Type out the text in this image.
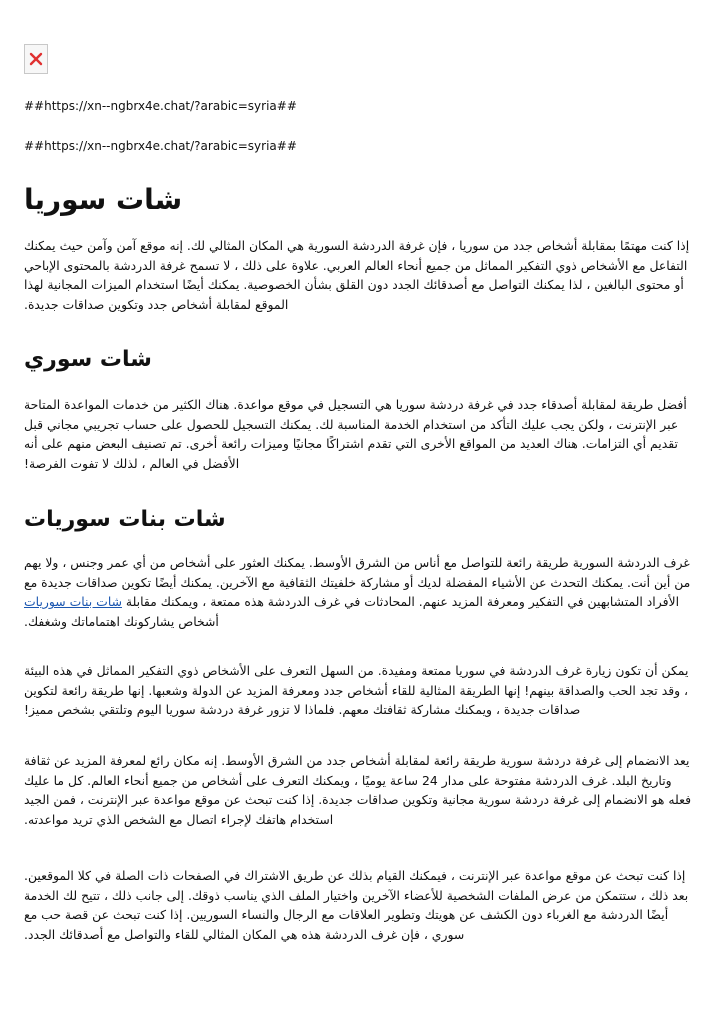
##https://xn--ngbrx4e.chat/?arabic=syria##
##https://xn--ngbrx4e.chat/?arabic=syria##
شات سوريا

إذا كنت مهتمًا بمقابلة أشخاص جدد من سوريا ، فإن غرفة الدردشة السورية هي المكان المثالي لك. إنه موقع آمن وآمن حيث يمكنك التفاعل مع الأشخاص ذوي التفكير المماثل من جميع أنحاء العالم العربي. علاوة على ذلك ، لا تسمح غرفة الدردشة بالمحتوى الإباحي أو محتوى البالغين ، لذا يمكنك التواصل مع أصدقائك الجدد دون القلق بشأن الخصوصية. يمكنك أيضًا استخدام الميزات المجانية لهذا الموقع لمقابلة أشخاص جدد وتكوين صداقات جديدة.

شات سوري

أفضل طريقة لمقابلة أصدقاء جدد في غرفة دردشة سوريا هي التسجيل في موقع مواعدة. هناك الكثير من خدمات المواعدة المتاحة عبر الإنترنت ، ولكن يجب عليك التأكد من استخدام الخدمة المناسبة لك. يمكنك التسجيل للحصول على حساب تجريبي مجاني قبل تقديم أي التزامات. هناك العديد من المواقع الأخرى التي تقدم اشتراكًا مجانيًا وميزات رائعة أخرى. تم تصنيف البعض منهم على أنه الأفضل في العالم ، لذلك لا تفوت الفرصة!

شات بنات سوريات

غرف الدردشة السورية طريقة رائعة للتواصل مع أناس من الشرق الأوسط. يمكنك العثور على أشخاص من أي عمر وجنس ، ولا يهم من أين أنت. يمكنك التحدث عن الأشياء المفضلة لديك أو مشاركة خلفيتك الثقافية مع الآخرين. يمكنك أيضًا تكوين صداقات جديدة مع الأفراد المتشابهين في التفكير ومعرفة المزيد عنهم. المحادثات في غرف الدردشة هذه ممتعة ، ويمكنك مقابلة شات بنات سوريات أشخاص يشاركونك اهتماماتك وشغفك.

يمكن أن تكون زيارة غرف الدردشة في سوريا ممتعة ومفيدة. من السهل التعرف على الأشخاص ذوي التفكير المماثل في هذه البيئة ، وقد تجد الحب والصداقة بينهم! إنها الطريقة المثالية للقاء أشخاص جدد ومعرفة المزيد عن الدولة وشعبها. إنها طريقة رائعة لتكوين صداقات جديدة ، ويمكنك مشاركة ثقافتك معهم. فلماذا لا تزور غرفة دردشة سوريا اليوم وتلتقي بشخص مميز!

يعد الانضمام إلى غرفة دردشة سورية طريقة رائعة لمقابلة أشخاص جدد من الشرق الأوسط. إنه مكان رائع لمعرفة المزيد عن ثقافة وتاريخ البلد. غرف الدردشة مفتوحة على مدار 24 ساعة يوميًا ، ويمكنك التعرف على أشخاص من جميع أنحاء العالم. كل ما عليك فعله هو الانضمام إلى غرفة دردشة سورية مجانية وتكوين صداقات جديدة. إذا كنت تبحث عن موقع مواعدة عبر الإنترنت ، فمن الجيد استخدام هاتفك لإجراء اتصال مع الشخص الذي تريد مواعدته.

إذا كنت تبحث عن موقع مواعدة عبر الإنترنت ، فيمكنك القيام بذلك عن طريق الاشتراك في الصفحات ذات الصلة في كلا الموقعين. بعد ذلك ، ستتمكن من عرض الملفات الشخصية للأعضاء الآخرين واختيار الملف الذي يناسب ذوقك. إلى جانب ذلك ، تتيح لك الخدمة أيضًا الدردشة مع الغرباء دون الكشف عن هويتك وتطوير العلاقات مع الرجال والنساء السوريين. إذا كنت تبحث عن قصة حب مع سوري ، فإن غرف الدردشة هذه هي المكان المثالي للقاء والتواصل مع أصدقائك الجدد.
